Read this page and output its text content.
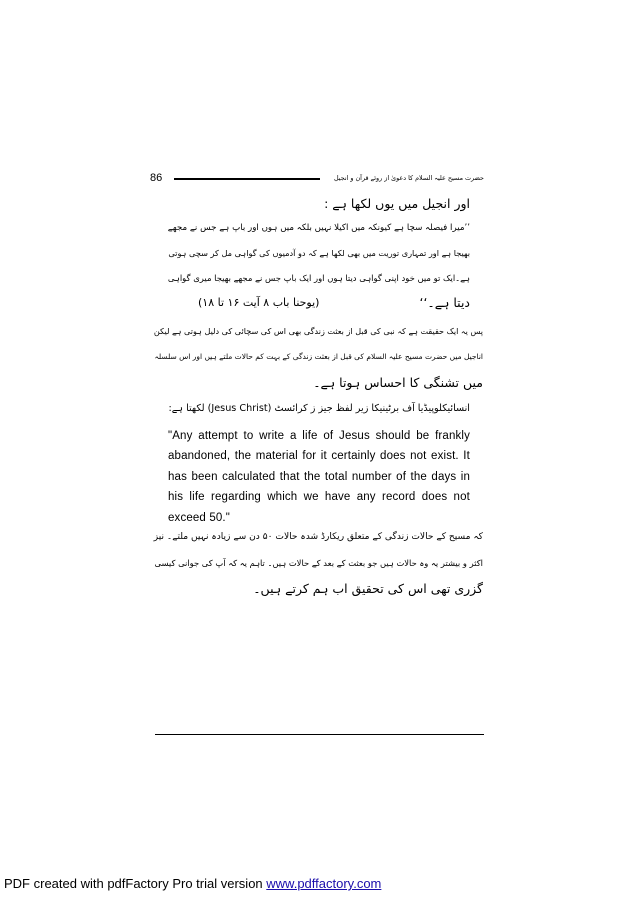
86	حضرت مسیح علیہ السلام کا دعویٰ از روئے قرآن و انجیل
اور انجیل میں یوں لکھا ہے :
’’میرا فیصلہ سچا ہے کیونکہ میں اکیلا نہیں بلکہ میں ہوں اور باپ ہے جس نے مجھے
بھیجا ہے اور تمہاری توریت میں بھی لکھا ہے کہ دو آدمیوں کی گواہی مل کر سچی ہوتی
ہے۔ایک تو میں خود اپنی گواہی دیتا ہوں اور ایک باپ جس نے مجھے بھیجا میری گواہی
دیتا ہے۔‘‘
(یوحنا باب ۸ آیت ۱۶ تا ۱۸)
پس یہ ایک حقیقت ہے کہ نبی کی قبل از بعثت زندگی بھی اس کی سچائی کی دلیل ہوتی ہے لیکن
اناجیل میں حضرت مسیح علیہ السلام کی قبل از بعثت زندگی کے بہت کم حالات ملتے ہیں اور اس سلسلہ
میں تشنگی کا احساس ہوتا ہے۔
انسائیکلوپیڈیا آف برٹینیکا زیر لفظ جیز ز کرائسٹ (Jesus Christ) لکھتا ہے:
"Any attempt to write a life of Jesus should be frankly abandoned, the material for it certainly does not exist. It has been calculated that the total number of the days in his life regarding which we have any record does not exceed 50."
کہ مسیح کے حالات زندگی کے متعلق ریکارڈ شدہ حالات ۵۰ دن سے زیادہ نہیں ملتے۔ نیز
اکثر و بیشتر یہ وہ حالات ہیں جو بعثت کے بعد کے حالات ہیں۔ تاہم یہ کہ آپ کی جوانی کیسی
گزری تھی اس کی تحقیق اب ہم کرتے ہیں۔
PDF created with pdfFactory Pro trial version www.pdffactory.com
